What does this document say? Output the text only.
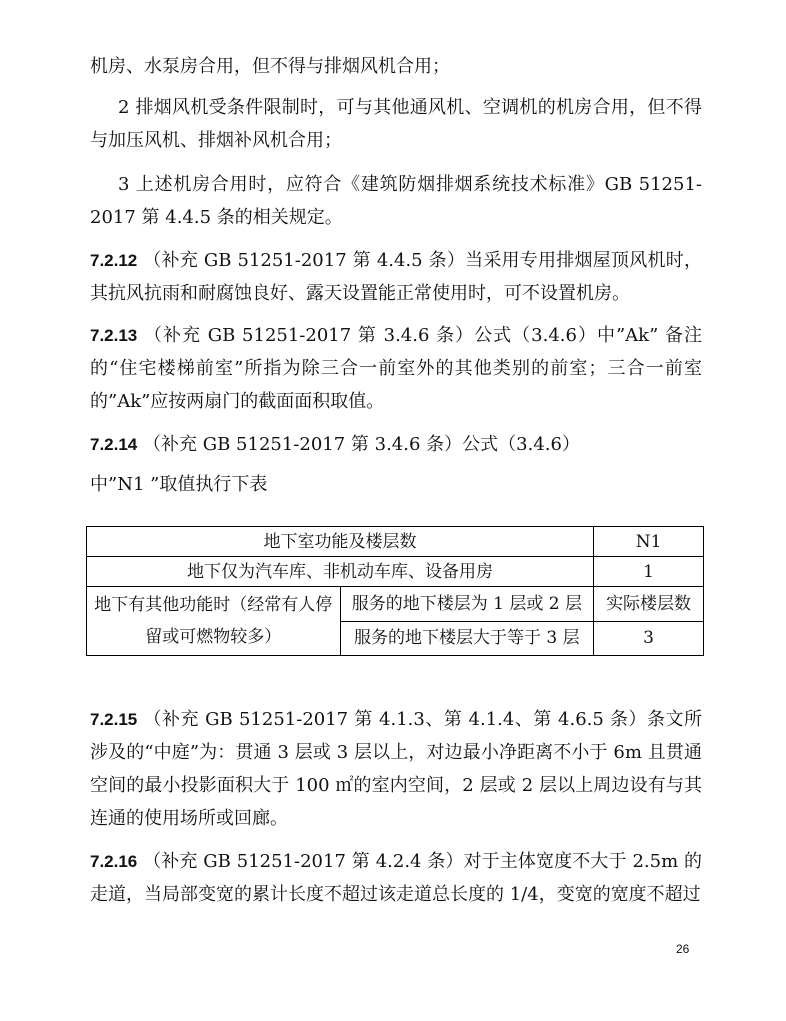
机房、水泵房合用，但不得与排烟风机合用；

2 排烟风机受条件限制时，可与其他通风机、空调机的机房合用，但不得与加压风机、排烟补风机合用；

3 上述机房合用时，应符合《建筑防烟排烟系统技术标准》GB 51251-2017 第 4.4.5 条的相关规定。

7.2.12 （补充 GB 51251-2017 第 4.4.5 条）当采用专用排烟屋顶风机时，其抗风抗雨和耐腐蚀良好、露天设置能正常使用时，可不设置机房。

7.2.13 （补充 GB 51251-2017 第 3.4.6 条）公式（3.4.6）中”Ak” 备注的“住宅楼梯前室”所指为除三合一前室外的其他类别的前室；三合一前室的”Ak”应按两扇门的截面面积取值。

7.2.14 （补充 GB 51251-2017 第 3.4.6 条）公式（3.4.6）

中”N1 ”取值执行下表

地下室功能及楼层数		N1
地下仅为汽车库、非机动车库、设备用房		1
地下有其他功能时（经常有人停留或可燃物较多）	服务的地下楼层为 1 层或 2 层	实际楼层数
	服务的地下楼层大于等于 3 层	3

7.2.15 （补充 GB 51251-2017 第 4.1.3、第 4.1.4、第 4.6.5 条）条文所涉及的“中庭”为：贯通 3 层或 3 层以上，对边最小净距离不小于 6m 且贯通空间的最小投影面积大于 100 ㎡的室内空间，2 层或 2 层以上周边设有与其连通的使用场所或回廊。

7.2.16 （补充 GB 51251-2017 第 4.2.4 条）对于主体宽度不大于 2.5m 的走道，当局部变宽的累计长度不超过该走道总长度的 1/4，变宽的宽度不超过

26
